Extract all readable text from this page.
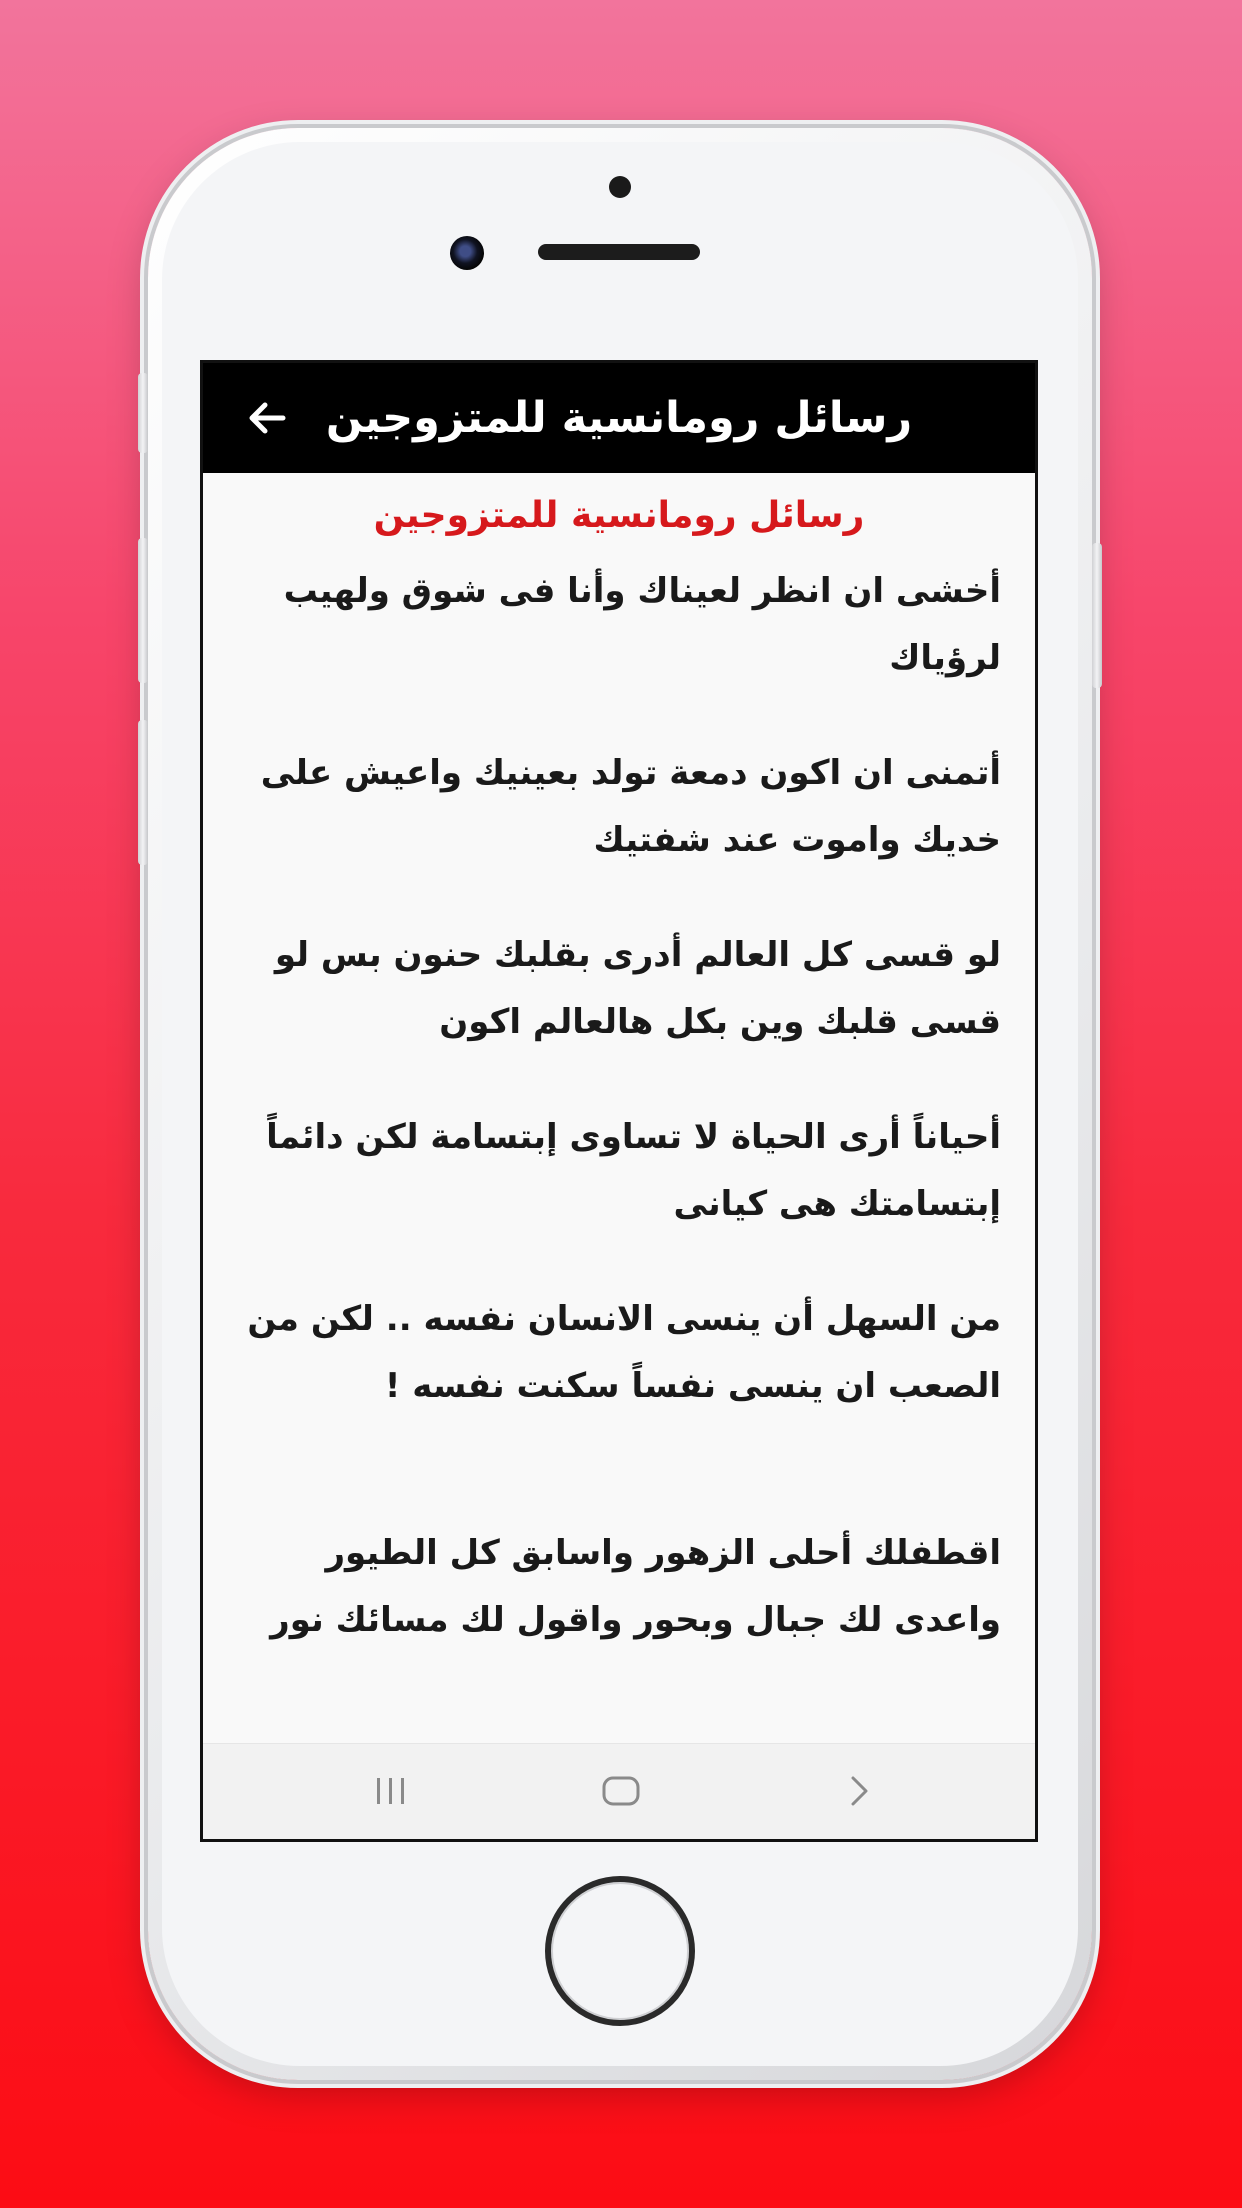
رسائل رومانسية للمتزوجين
رسائل رومانسية للمتزوجين

أخشى ان انظر لعيناك وأنا فى شوق ولهيب لرؤياك

أتمنى ان اكون دمعة تولد بعينيك واعيش على خديك واموت عند شفتيك

لو قسى كل العالم أدرى بقلبك حنون بس لو قسى قلبك وين بكل هالعالم اكون

أحياناً أرى الحياة لا تساوى إبتسامة لكن دائماً إبتسامتك هى كيانى

من السهل أن ينسى الانسان نفسه .. لكن من الصعب ان ينسى نفساً سكنت نفسه !

اقطفلك أحلى الزهور واسابق كل الطيور واعدى لك جبال وبحور واقول لك مسائك نور
